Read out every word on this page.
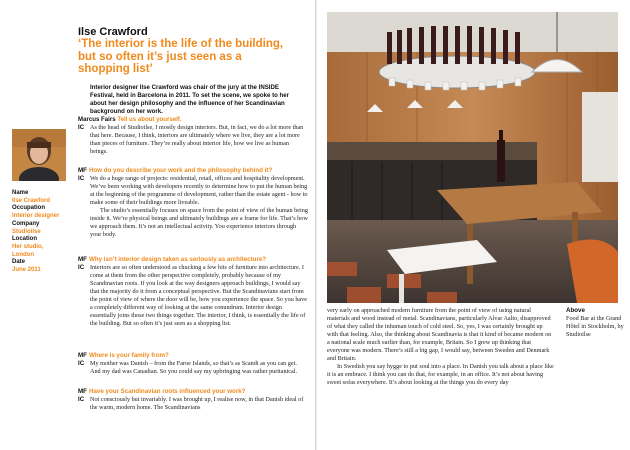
Ilse Crawford
‘The interior is the life of the building, but so often it’s just seen as a shopping list’
Interior designer Ilse Crawford was chair of the jury at the INSIDE Festival, held in Barcelona in 2011. To set the scene, we spoke to her about her design philosophy and the influence of her Scandinavian background on her work.
Marcus Fairs Tell us about yourself.
Name
Ilse Crawford
Occupation
Interior designer
Company
Studioilse
Location
Her studio, London
Date
June 2011
IC As the head of Studioilse, I mostly design interiors. But, in fact, we do a lot more than that here. Because, I think, interiors are ultimately where we live, they are a lot more than pieces of furniture. They’re really about interior life, how we live as human beings.
MF How do you describe your work and the philosophy behind it?
IC We do a huge range of projects: residential, retail, offices and hospitality development. We’ve been working with developers recently to determine how to put the human being at the beginning of the programme of development, rather than the estate agent - how to make some of their buildings more liveable.
The studio’s essentially focuses on space from the point of view of the human being inside it. We’re physical beings and ultimately buildings are a frame for life. That’s how we approach them. It’s not an intellectual activity. You experience interiors through your body.
MF Why isn’t interior design taken as seriously as architecture?
IC Interiors are so often understood as chucking a few bits of furniture into architecture. I come at them from the other perspective completely, probably because of my Scandinavian roots. If you look at the way designers approach buildings, I would say that the majority do it from a conceptual perspective. But the Scandinavians start from the point of view of where the door will be, how you experience the space. So you have a completely different way of looking at the same conundrum. Interior design essentially joins those two things together. The interior, I think, is essentially the life of the building. But so often it’s just seen as a shopping list.
MF Where is your family from?
IC My mother was Danish – from the Faroe Islands, so that’s as Scandi as you can get. And my dad was Canadian. So you could say my upbringing was rather puritanical.
MF Have your Scandinavian roots influenced your work?
IC Not consciously but invariably. I was brought up, I realise now, in that Danish ideal of the warm, modern home. The Scandinavians
very early on approached modern furniture from the point of view of using natural materials and wood instead of metal. Scandinavians, particularly Alvar Aalto, disapproved of what they called the inhuman touch of cold steel. So, yes, I was certainly brought up with that feeling. Also, the thinking about Scandinavia is that it kind of became modern on a national scale much earlier than, for example, Britain. So I grew up thinking that everyone was modern. There’s still a big gap, I would say, between Sweden and Denmark and Britain.
In Swedish you say hygge to put soul into a place. In Danish you talk about a place like it is an embrace. I think you can do that, for example, in an office. It’s not about having sweet sofas everywhere. It’s about looking at the things you do every day
Above
Food Bar at the Grand Hôtel in Stockholm, by Studioilse
